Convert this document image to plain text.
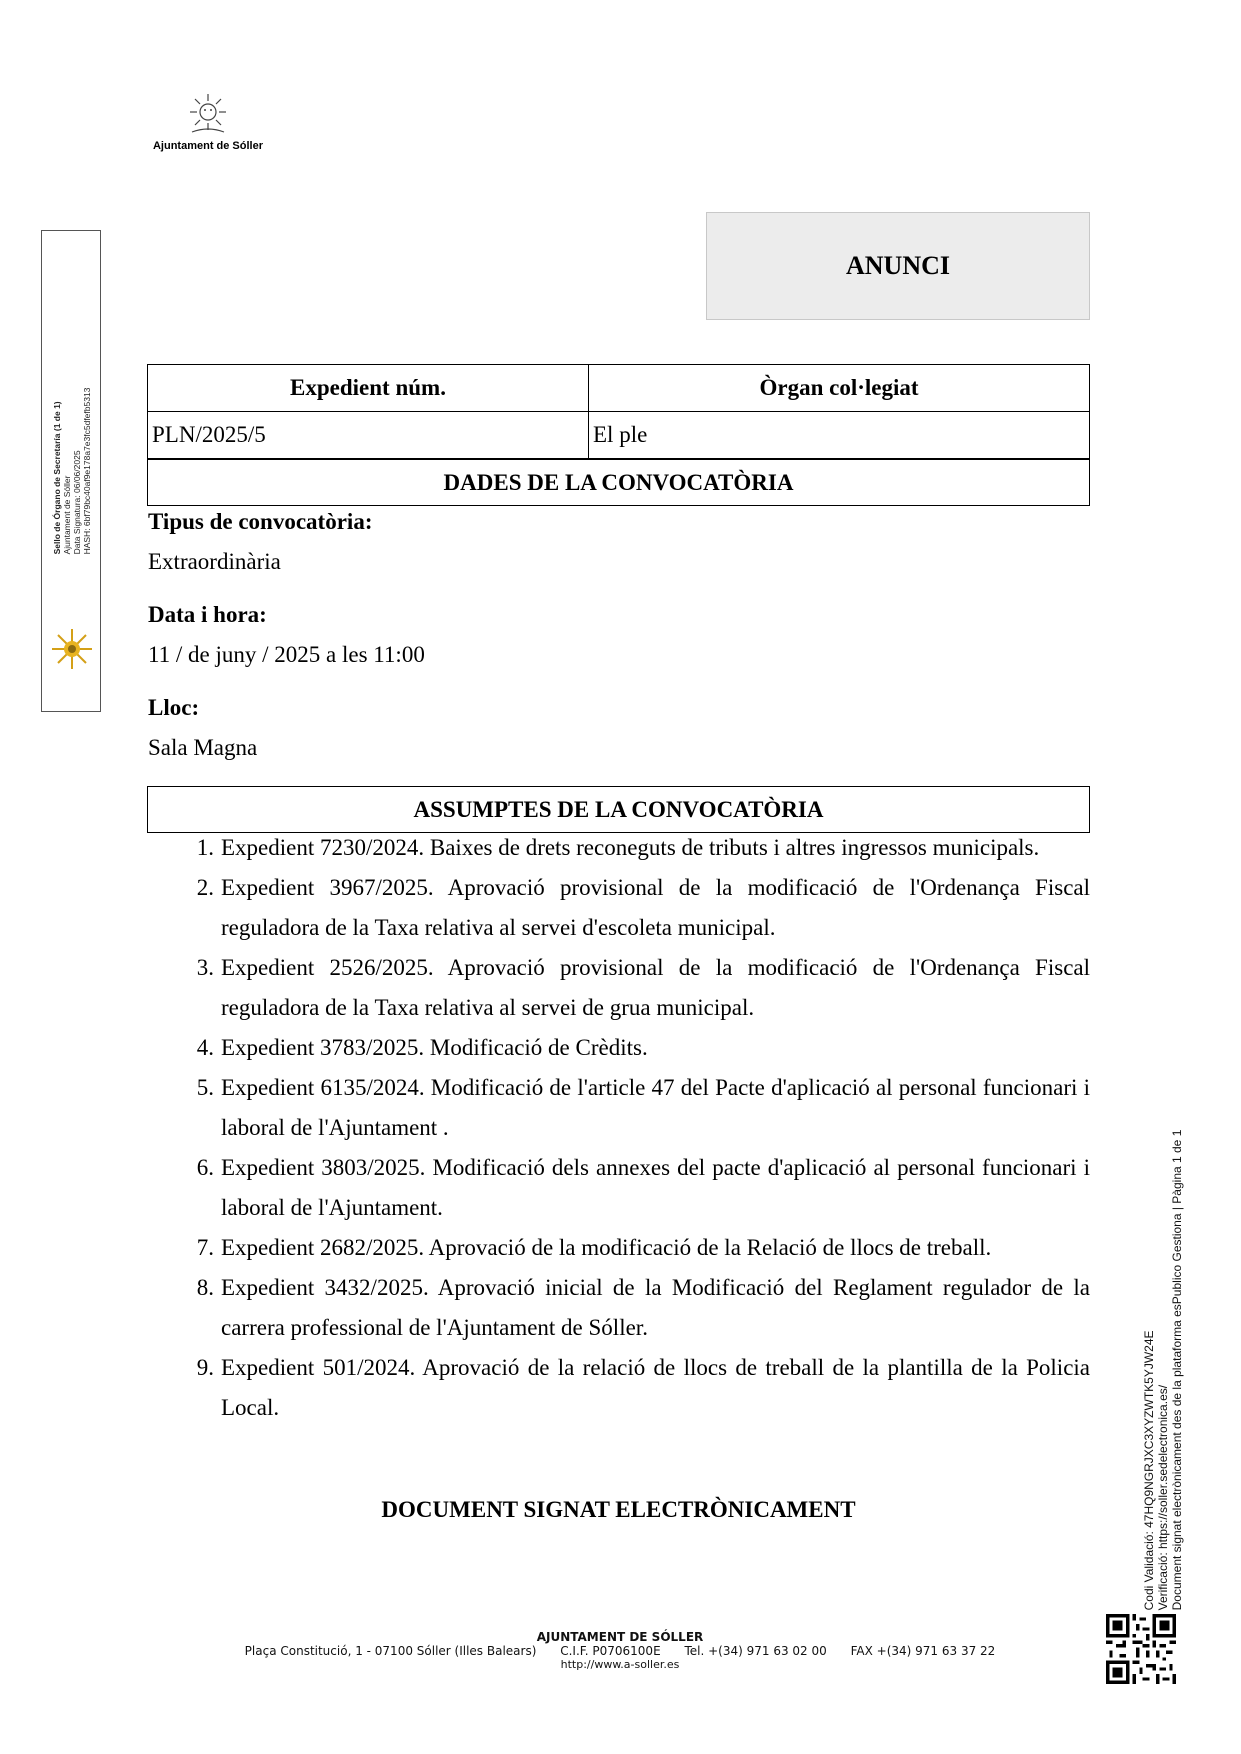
Ajuntament de Sóller
Sello de Órgano de Secretaría (1 de 1) Ajuntament de Sóller Data Signatura: 06/06/2025 HASH: 6bf79bc40af9e178a7e3fc5dfefb5313
ANUNCI
Expedient núm.	Òrgan col·legiat
PLN/2025/5	El ple
DADES DE LA CONVOCATÒRIA
Tipus de convocatòria:
Extraordinària
Data i hora:
11 / de juny / 2025 a les 11:00
Lloc:
Sala Magna
ASSUMPTES DE LA CONVOCATÒRIA
1. Expedient 7230/2024. Baixes de drets reconeguts de tributs i altres ingressos municipals.
2. Expedient 3967/2025. Aprovació provisional de la modificació de l'Ordenança Fiscal reguladora de la Taxa relativa al servei d'escoleta municipal.
3. Expedient 2526/2025. Aprovació provisional de la modificació de l'Ordenança Fiscal reguladora de la Taxa relativa al servei de grua municipal.
4. Expedient 3783/2025. Modificació de Crèdits.
5. Expedient 6135/2024. Modificació de l'article 47 del Pacte d'aplicació al personal funcionari i laboral de l'Ajuntament .
6. Expedient 3803/2025. Modificació dels annexes del pacte d'aplicació al personal funcionari i laboral de l'Ajuntament.
7. Expedient 2682/2025. Aprovació de la modificació de la Relació de llocs de treball.
8. Expedient 3432/2025. Aprovació inicial de la Modificació del Reglament regulador de la carrera professional de l'Ajuntament de Sóller.
9. Expedient 501/2024. Aprovació de la relació de llocs de treball de la plantilla de la Policia Local.
DOCUMENT SIGNAT ELECTRÒNICAMENT
AJUNTAMENT DE SÓLLER
Plaça Constitució, 1 - 07100 Sóller (Illes Balears) C.I.F. P0706100E Tel. +(34) 971 63 02 00 FAX +(34) 971 63 37 22
http://www.a-soller.es
Codi Validació: 47HQ9NGRJXC3XYZWTK5YJW24E Verificació: https://soller.sedelectronica.es/ Document signat electrònicament des de la plataforma esPublico Gestiona | Pàgina 1 de 1
